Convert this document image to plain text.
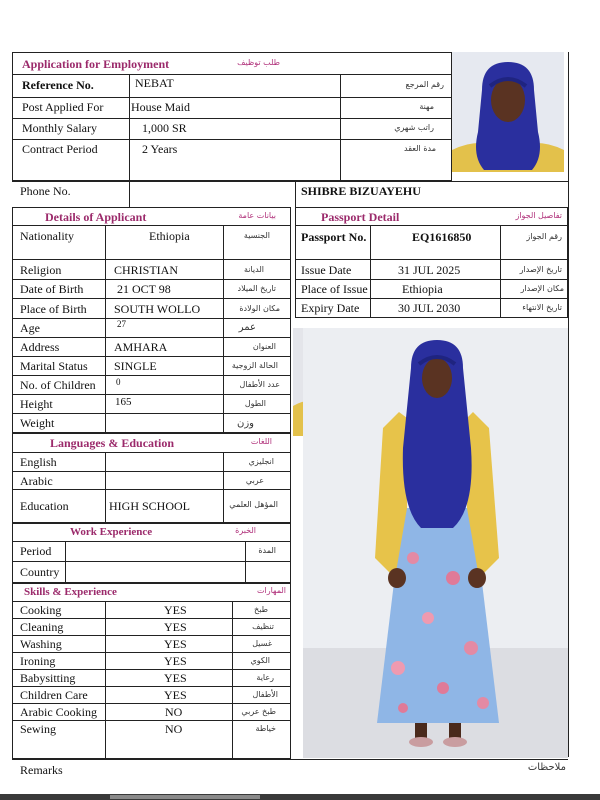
Application for Employment	طلب توظيف
Reference No.	NEBAT	رقم المرجع
Post Applied For House Maid	مهنة
Monthly Salary	1,000 SR	راتب شهري
Contract Period	2 Years	مدة العقد
Phone No.	SHIBRE BIZUAYEHU
Details of Applicant	بيانات عامة
Nationality	Ethiopia	الجنسية
Religion	CHRISTIAN	الديانة
Date of Birth	21 OCT 98	تاريخ الميلاد
Place of Birth SOUTH WOLLO	مكان الولادة
Age	27	عمر
Address	AMHARA	العنوان
Marital Status SINGLE	الحالة الزوجية
No. of Children 0	عدد الأطفال
Height	165	الطول
Weight	وزن
Passport Detail	تفاصيل الجواز
Passport No.	EQ1616850	رقم الجواز
Issue Date	31 JUL 2025	تاريخ الإصدار
Place of Issue	Ethiopia	مكان الإصدار
Expiry Date	30 JUL 2030	تاريخ الانتهاء
Languages & Education	اللغات
English	انجليزي
Arabic	عربي
Education	HIGH SCHOOL	المؤهل العلمي
Work Experience	الخبرة
Period	المدة
Country
Skills & Experience	المهارات
Cooking	YES	طبخ
Cleaning	YES	تنظيف
Washing	YES	غسيل
Ironing	YES	الكوي
Babysitting	YES	رعاية
Children Care	YES	الأطفال
Arabic Cooking	NO	طبخ عربي
Sewing	NO	خياطة
Remarks	ملاحظات
